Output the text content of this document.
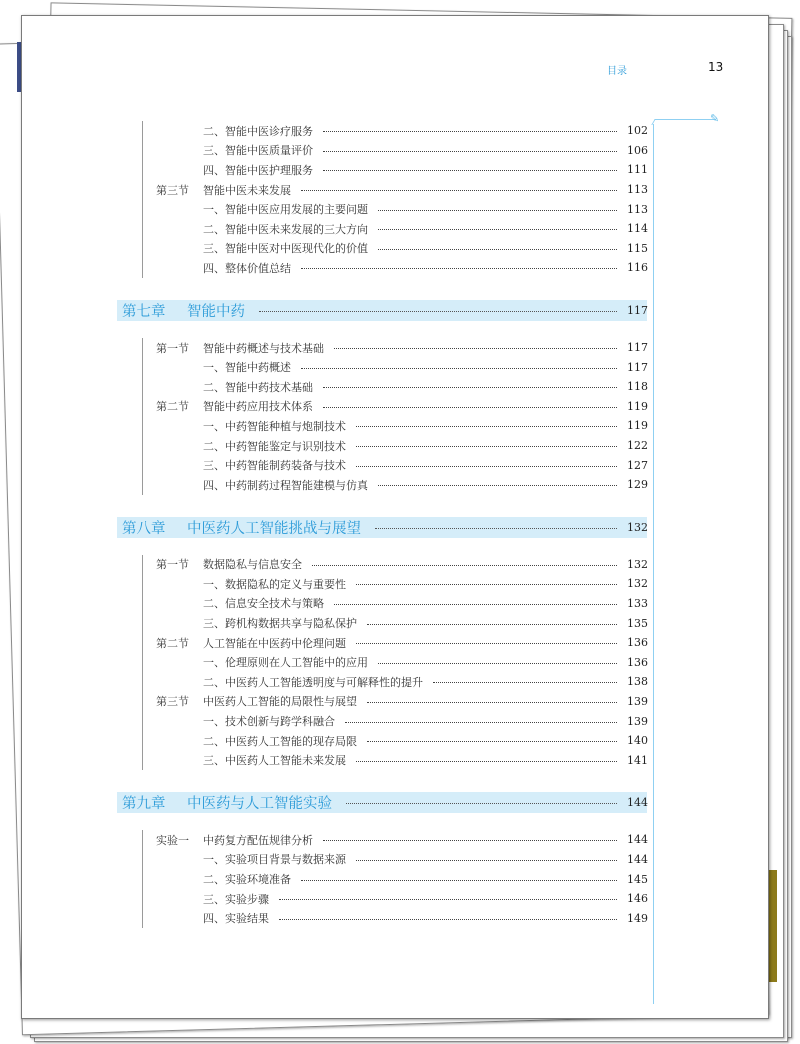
目录	13
✎
二、智能中医诊疗服务	102
三、智能中医质量评价	106
四、智能中医护理服务	111
第三节	智能中医未来发展	113
一、智能中医应用发展的主要问题	113
二、智能中医未来发展的三大方向	114
三、智能中医对中医现代化的价值	115
四、整体价值总结	116
第七章	智能中药	117
第一节	智能中药概述与技术基础	117
一、智能中药概述	117
二、智能中药技术基础	118
第二节	智能中药应用技术体系	119
一、中药智能种植与炮制技术	119
二、中药智能鉴定与识别技术	122
三、中药智能制药装备与技术	127
四、中药制药过程智能建模与仿真	129
第八章	中医药人工智能挑战与展望	132
第一节	数据隐私与信息安全	132
一、数据隐私的定义与重要性	132
二、信息安全技术与策略	133
三、跨机构数据共享与隐私保护	135
第二节	人工智能在中医药中伦理问题	136
一、伦理原则在人工智能中的应用	136
二、中医药人工智能透明度与可解释性的提升	138
第三节	中医药人工智能的局限性与展望	139
一、技术创新与跨学科融合	139
二、中医药人工智能的现存局限	140
三、中医药人工智能未来发展	141
第九章	中医药与人工智能实验	144
实验一	中药复方配伍规律分析	144
一、实验项目背景与数据来源	144
二、实验环境准备	145
三、实验步骤	146
四、实验结果	149
